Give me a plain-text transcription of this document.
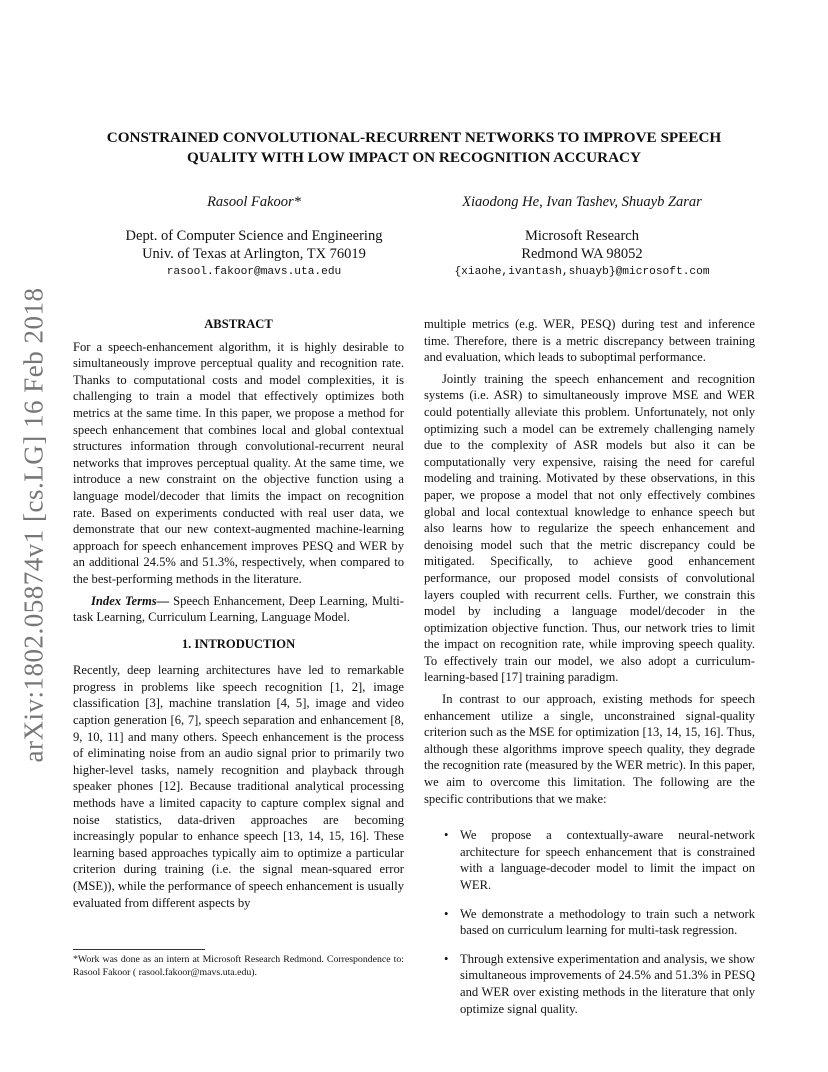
arXiv:1802.05874v1 [cs.LG] 16 Feb 2018
CONSTRAINED CONVOLUTIONAL-RECURRENT NETWORKS TO IMPROVE SPEECH
QUALITY WITH LOW IMPACT ON RECOGNITION ACCURACY
Rasool Fakoor*
Dept. of Computer Science and Engineering
Univ. of Texas at Arlington, TX 76019
rasool.fakoor@mavs.uta.edu
Xiaodong He, Ivan Tashev, Shuayb Zarar
Microsoft Research
Redmond WA 98052
{xiaohe,ivantash,shuayb}@microsoft.com

ABSTRACT

For a speech-enhancement algorithm, it is highly desirable to simultaneously improve perceptual quality and recognition rate. Thanks to computational costs and model complexities, it is challenging to train a model that effectively optimizes both metrics at the same time. In this paper, we propose a method for speech enhancement that combines local and global contextual structures information through convolutional-recurrent neural networks that improves perceptual quality. At the same time, we introduce a new constraint on the objective function using a language model/decoder that limits the impact on recognition rate. Based on experiments conducted with real user data, we demonstrate that our new context-augmented machine-learning approach for speech enhancement improves PESQ and WER by an additional 24.5% and 51.3%, respectively, when compared to the best-performing methods in the literature.

Index Terms— Speech Enhancement, Deep Learning, Multi-task Learning, Curriculum Learning, Language Model.

1. INTRODUCTION

Recently, deep learning architectures have led to remarkable progress in problems like speech recognition [1, 2], image classification [3], machine translation [4, 5], image and video caption generation [6, 7], speech separation and enhancement [8, 9, 10, 11] and many others. Speech enhancement is the process of eliminating noise from an audio signal prior to primarily two higher-level tasks, namely recognition and playback through speaker phones [12]. Because traditional analytical processing methods have a limited capacity to capture complex signal and noise statistics, data-driven approaches are becoming increasingly popular to enhance speech [13, 14, 15, 16]. These learning based approaches typically aim to optimize a particular criterion during training (i.e. the signal mean-squared error (MSE)), while the performance of speech enhancement is usually evaluated from different aspects by

*Work was done as an intern at Microsoft Research Redmond. Correspondence to: Rasool Fakoor ( rasool.fakoor@mavs.uta.edu).

multiple metrics (e.g. WER, PESQ) during test and inference time. Therefore, there is a metric discrepancy between training and evaluation, which leads to suboptimal performance.

Jointly training the speech enhancement and recognition systems (i.e. ASR) to simultaneously improve MSE and WER could potentially alleviate this problem. Unfortunately, not only optimizing such a model can be extremely challenging namely due to the complexity of ASR models but also it can be computationally very expensive, raising the need for careful modeling and training. Motivated by these observations, in this paper, we propose a model that not only effectively combines global and local contextual knowledge to enhance speech but also learns how to regularize the speech enhancement and denoising model such that the metric discrepancy could be mitigated. Specifically, to achieve good enhancement performance, our proposed model consists of convolutional layers coupled with recurrent cells. Further, we constrain this model by including a language model/decoder in the optimization objective function. Thus, our network tries to limit the impact on recognition rate, while improving speech quality. To effectively train our model, we also adopt a curriculum-learning-based [17] training paradigm.

In contrast to our approach, existing methods for speech enhancement utilize a single, unconstrained signal-quality criterion such as the MSE for optimization [13, 14, 15, 16]. Thus, although these algorithms improve speech quality, they degrade the recognition rate (measured by the WER metric). In this paper, we aim to overcome this limitation. The following are the specific contributions that we make:

• We propose a contextually-aware neural-network architecture for speech enhancement that is constrained with a language-decoder model to limit the impact on WER.

• We demonstrate a methodology to train such a network based on curriculum learning for multi-task regression.

• Through extensive experimentation and analysis, we show simultaneous improvements of 24.5% and 51.3% in PESQ and WER over existing methods in the literature that only optimize signal quality.
